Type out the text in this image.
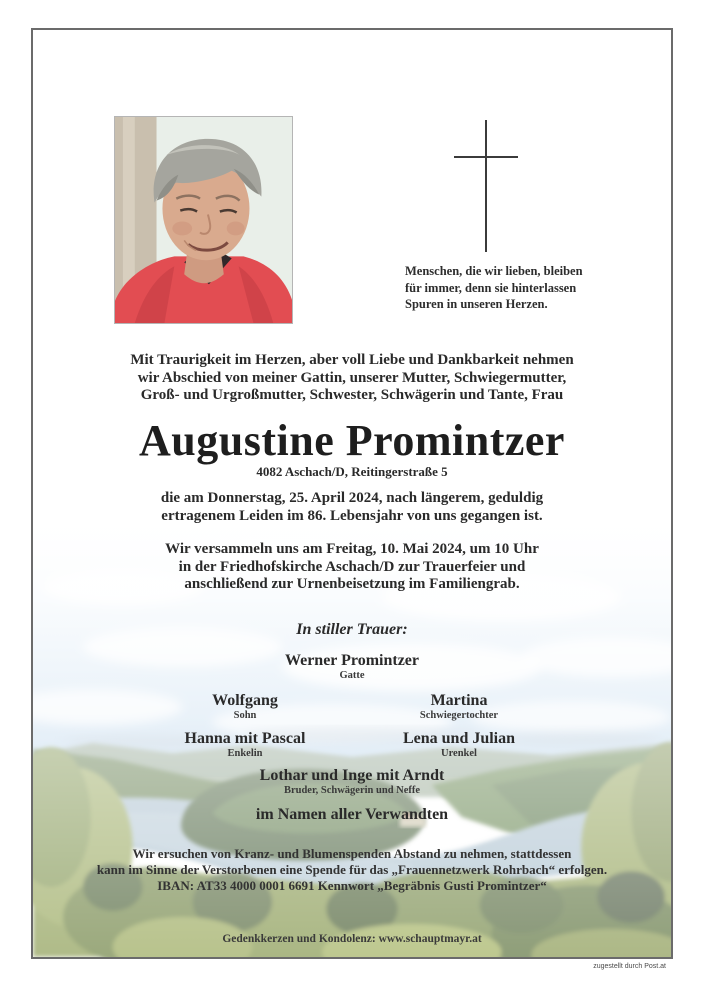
Menschen, die wir lieben, bleiben
für immer, denn sie hinterlassen
Spuren in unseren Herzen.
Mit Traurigkeit im Herzen, aber voll Liebe und Dankbarkeit nehmen
wir Abschied von meiner Gattin, unserer Mutter, Schwiegermutter,
Groß- und Urgroßmutter, Schwester, Schwägerin und Tante, Frau
Augustine Promintzer
4082 Aschach/D, Reitingerstraße 5
die am Donnerstag, 25. April 2024, nach längerem, geduldig
ertragenem Leiden im 86. Lebensjahr von uns gegangen ist.
Wir versammeln uns am Freitag, 10. Mai 2024, um 10 Uhr
in der Friedhofskirche Aschach/D zur Trauerfeier und
anschließend zur Urnenbeisetzung im Familiengrab.
In stiller Trauer:
Werner Promintzer
Gatte
Wolfgang
Sohn
Martina
Schwiegertochter
Hanna mit Pascal
Enkelin
Lena und Julian
Urenkel
Lothar und Inge mit Arndt
Bruder, Schwägerin und Neffe
im Namen aller Verwandten
Wir ersuchen von Kranz- und Blumenspenden Abstand zu nehmen, stattdessen
kann im Sinne der Verstorbenen eine Spende für das „Frauennetzwerk Rohrbach“ erfolgen.
IBAN: AT33 4000 0001 6691 Kennwort „Begräbnis Gusti Promintzer“
Gedenkkerzen und Kondolenz: www.schauptmayr.at
zugestellt durch Post.at
